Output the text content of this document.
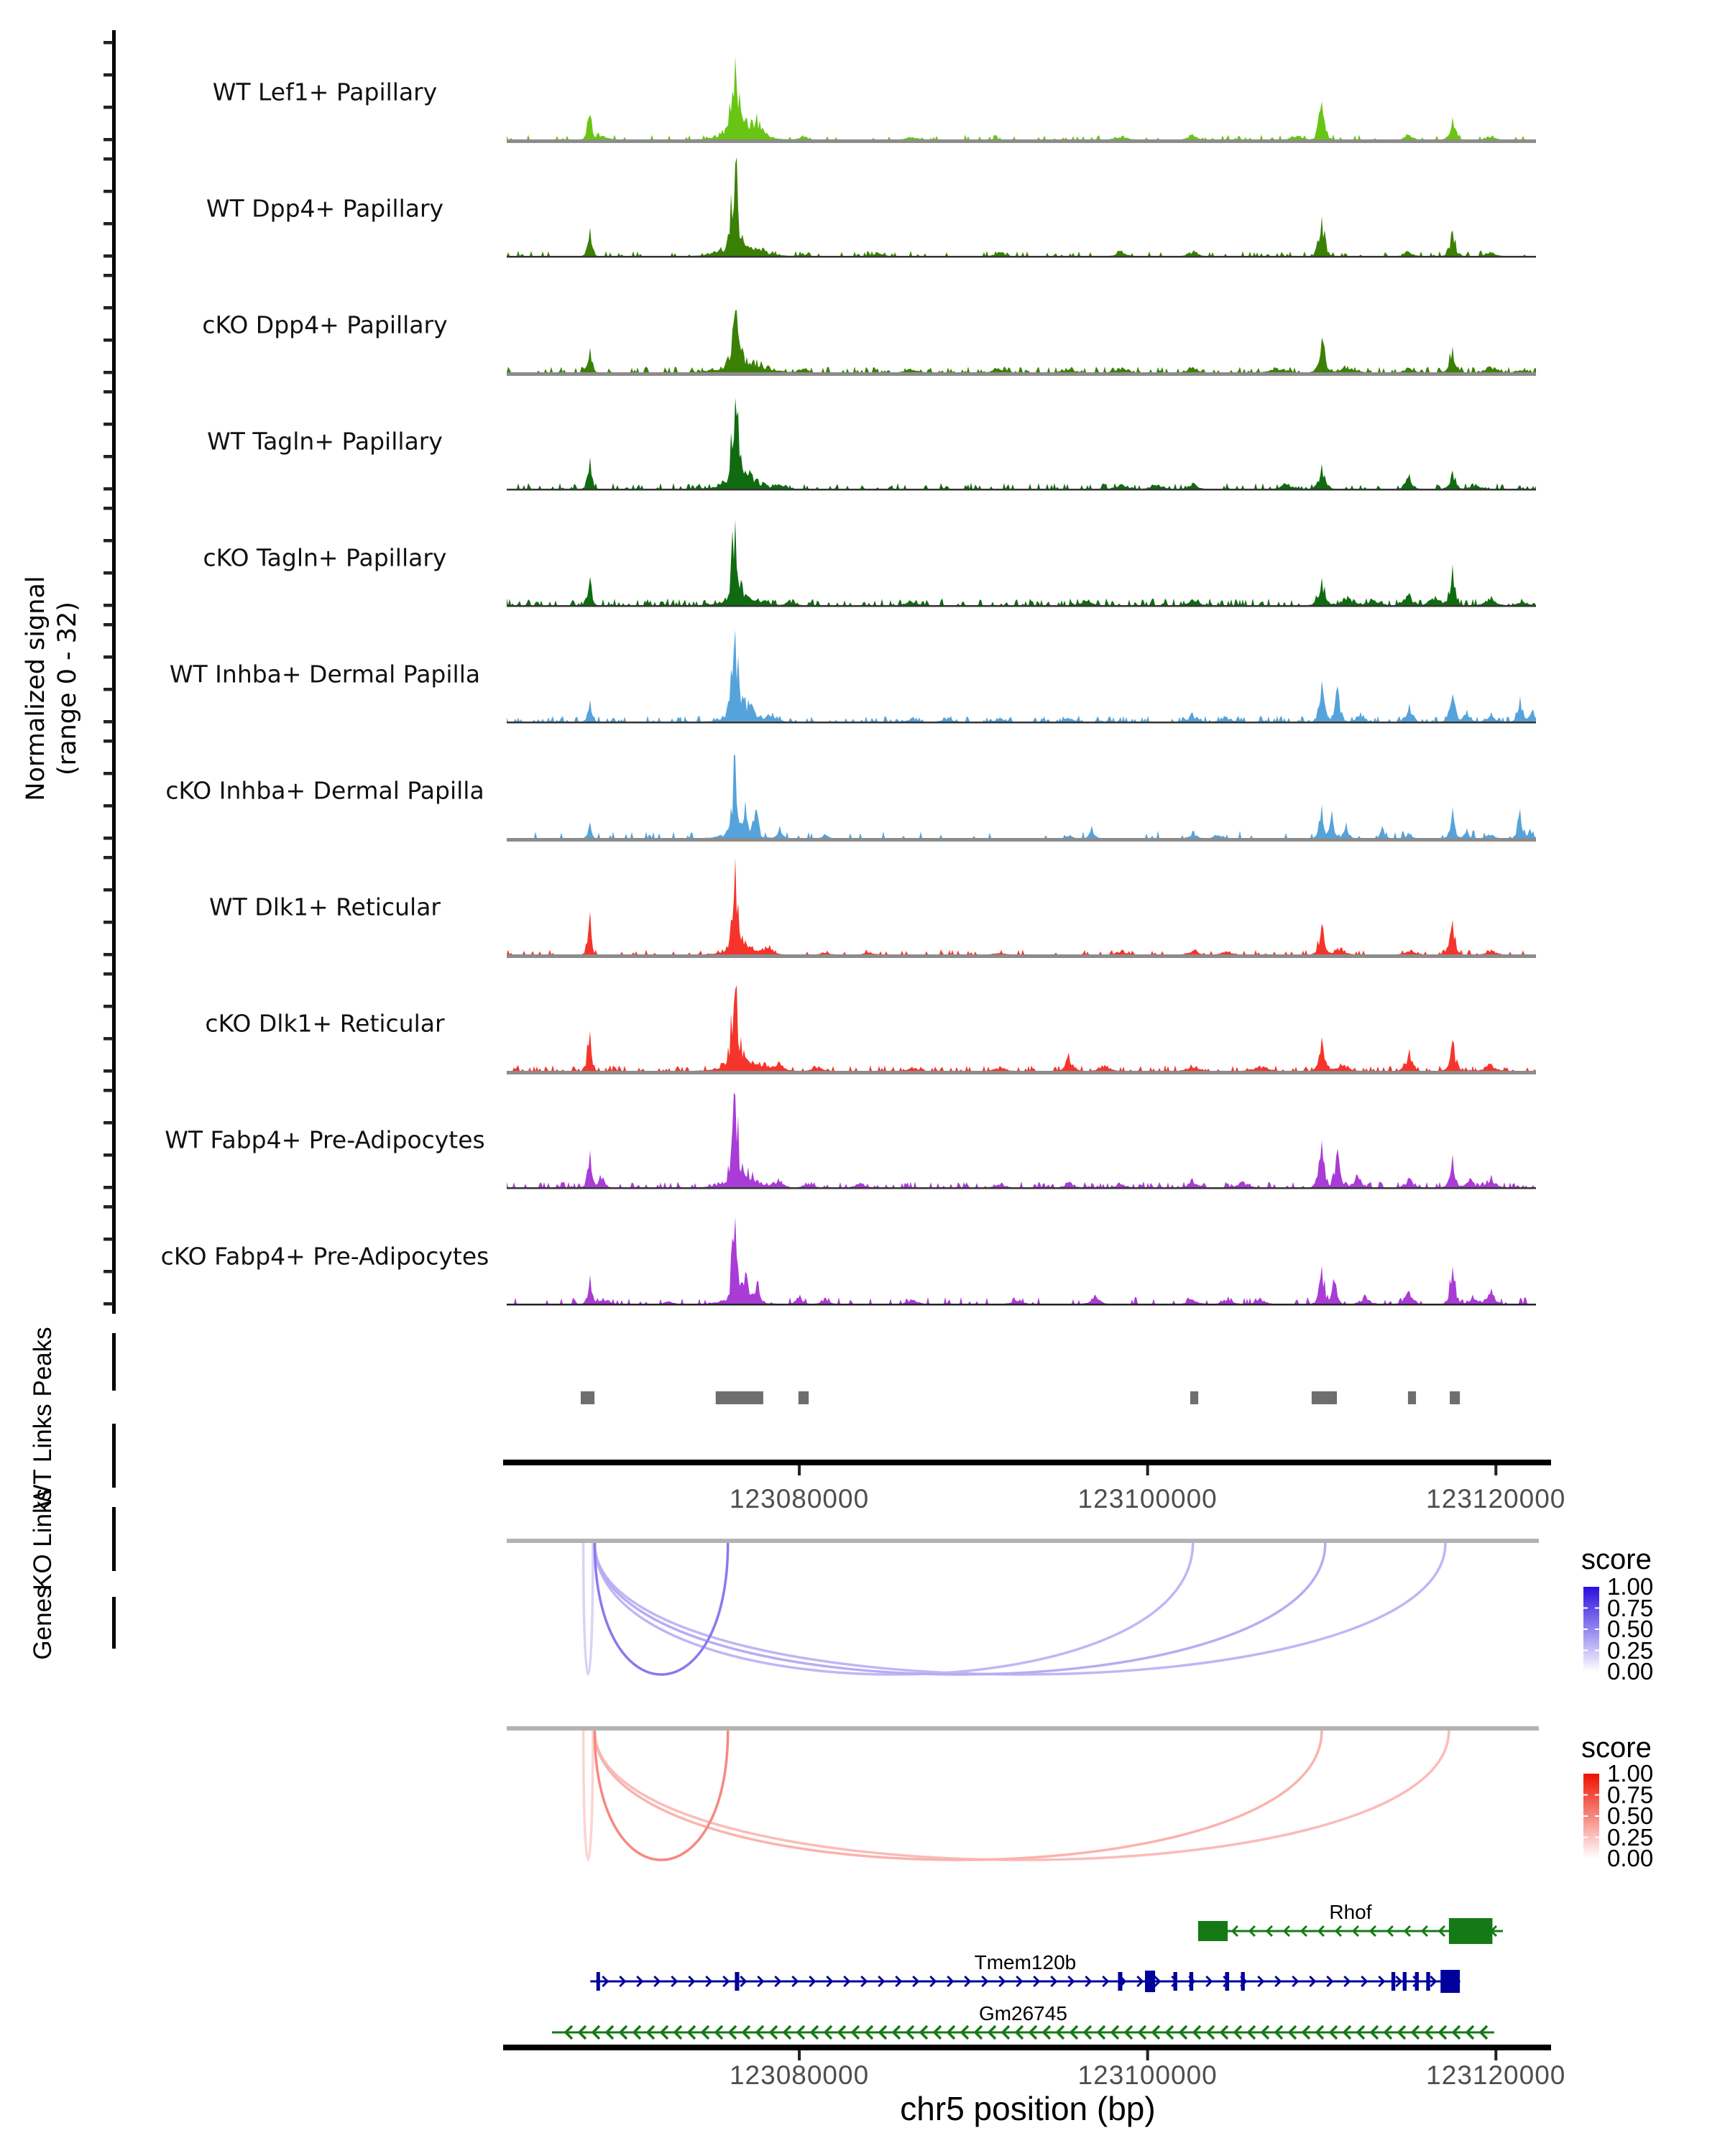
Normalized signal (range 0 - 32)
Peaks
WT Links
KO Links
Genes
score
score
1.00
0.75
0.50
0.25
0.00
1.00
0.75
0.50
0.25
0.00
WT Lef1+ Papillary
WT Dpp4+ Papillary
cKO Dpp4+ Papillary
WT Tagln+ Papillary
cKO Tagln+ Papillary
WT Inhba+ Dermal Papilla
cKO Inhba+ Dermal Papilla
WT Dlk1+ Reticular
cKO Dlk1+ Reticular
WT Fabp4+ Pre-Adipocytes
cKO Fabp4+ Pre-Adipocytes
123080000	123100000	123120000
123080000	123100000	123120000
Rhof
Tmem120b
Gm26745
chr5 position (bp)
